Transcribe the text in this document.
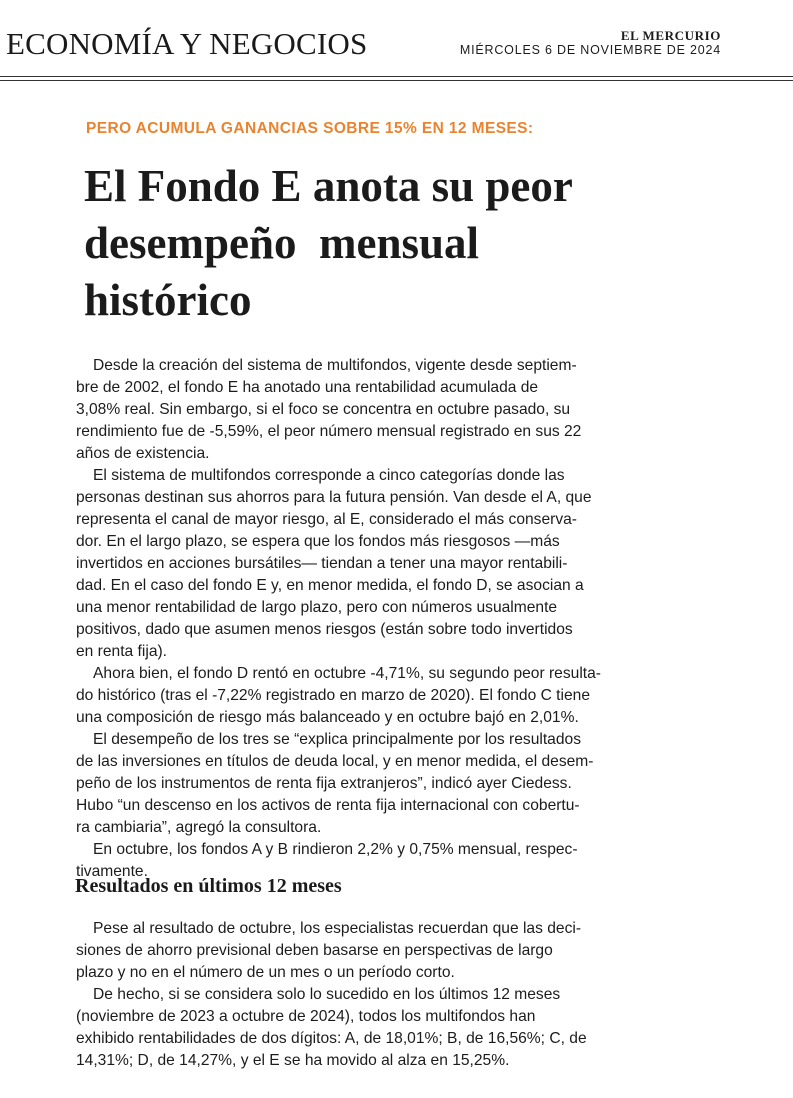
ECONOMÍA Y NEGOCIOS	EL MERCURIO
MIÉRCOLES 6 DE NOVIEMBRE DE 2024
PERO ACUMULA GANANCIAS SOBRE 15% EN 12 MESES:
El Fondo E anota su peor
desempeño  mensual
histórico
Desde la creación del sistema de multifondos, vigente desde septiem-
bre de 2002, el fondo E ha anotado una rentabilidad acumulada de
3,08% real. Sin embargo, si el foco se concentra en octubre pasado, su
rendimiento fue de -5,59%, el peor número mensual registrado en sus 22
años de existencia.
El sistema de multifondos corresponde a cinco categorías donde las
personas destinan sus ahorros para la futura pensión. Van desde el A, que
representa el canal de mayor riesgo, al E, considerado el más conserva-
dor. En el largo plazo, se espera que los fondos más riesgosos —más
invertidos en acciones bursátiles— tiendan a tener una mayor rentabili-
dad. En el caso del fondo E y, en menor medida, el fondo D, se asocian a
una menor rentabilidad de largo plazo, pero con números usualmente
positivos, dado que asumen menos riesgos (están sobre todo invertidos
en renta fija).
Ahora bien, el fondo D rentó en octubre -4,71%, su segundo peor resulta-
do histórico (tras el -7,22% registrado en marzo de 2020). El fondo C tiene
una composición de riesgo más balanceado y en octubre bajó en 2,01%.
El desempeño de los tres se “explica principalmente por los resultados
de las inversiones en títulos de deuda local, y en menor medida, el desem-
peño de los instrumentos de renta fija extranjeros”, indicó ayer Ciedess.
Hubo “un descenso en los activos de renta fija internacional con cobertu-
ra cambiaria”, agregó la consultora.
En octubre, los fondos A y B rindieron 2,2% y 0,75% mensual, respec-
tivamente.
Resultados en últimos 12 meses
Pese al resultado de octubre, los especialistas recuerdan que las deci-
siones de ahorro previsional deben basarse en perspectivas de largo
plazo y no en el número de un mes o un período corto.
De hecho, si se considera solo lo sucedido en los últimos 12 meses
(noviembre de 2023 a octubre de 2024), todos los multifondos han
exhibido rentabilidades de dos dígitos: A, de 18,01%; B, de 16,56%; C, de
14,31%; D, de 14,27%, y el E se ha movido al alza en 15,25%.
